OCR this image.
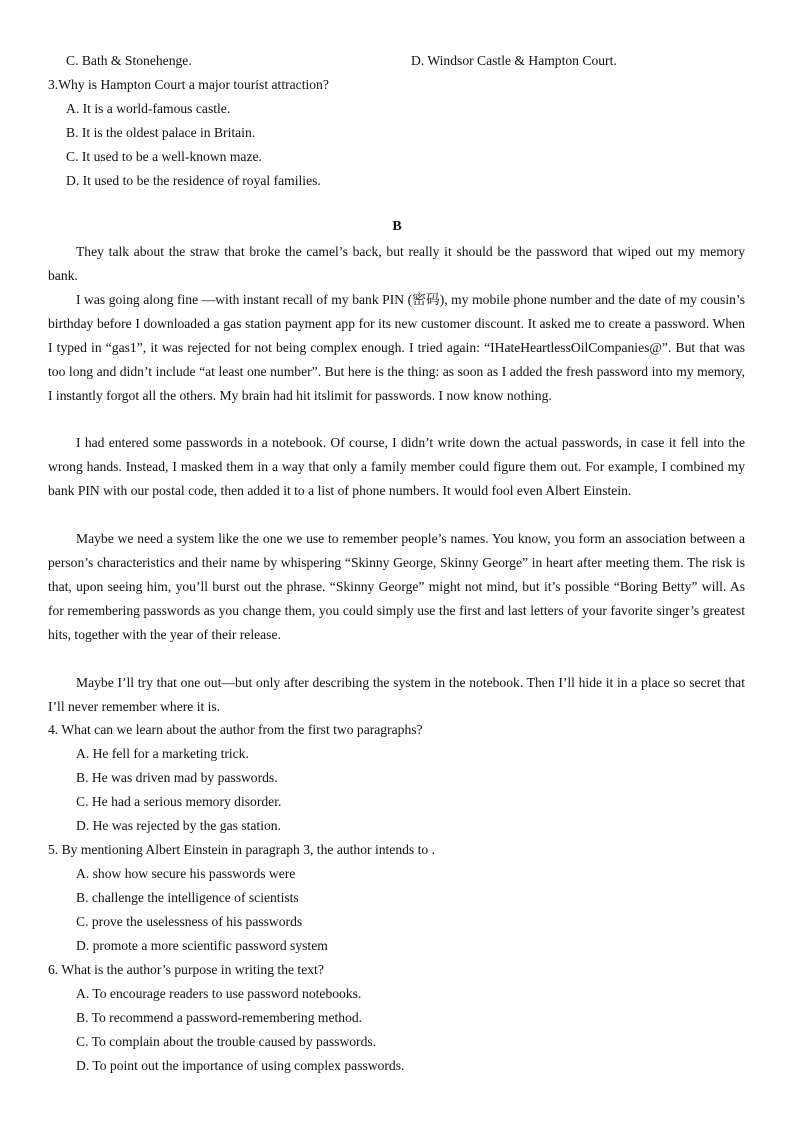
C. Bath & Stonehenge.	D. Windsor Castle & Hampton Court.
3.Why is Hampton Court a major tourist attraction?
A. It is a world-famous castle.
B. It is the oldest palace in Britain.
C. It used to be a well-known maze.
D. It used to be the residence of royal families.
B
They talk about the straw that broke the camel’s back, but really it should be the password that wiped out my memory bank.
I was going along fine —with instant recall of my bank PIN (密码), my mobile phone number and the date of my cousin’s birthday before I downloaded a gas station payment app for its new customer discount. It asked me to create a password. When I typed in “gas1”, it was rejected for not being complex enough. I tried again: “IHateHeartlessOilCompanies@”. But that was too long and didn’t include “at least one number”. But here is the thing: as soon as I added the fresh password into my memory, I instantly forgot all the others. My brain had hit itslimit for passwords. I now know nothing.
I had entered some passwords in a notebook. Of course, I didn’t write down the actual passwords, in case it fell into the wrong hands. Instead, I masked them in a way that only a family member could figure them out. For example, I combined my bank PIN with our postal code, then added it to a list of phone numbers. It would fool even Albert Einstein.
Maybe we need a system like the one we use to remember people’s names. You know, you form an association between a person’s characteristics and their name by whispering “Skinny George, Skinny George” in heart after meeting them. The risk is that, upon seeing him, you’ll burst out the phrase. “Skinny George” might not mind, but it’s possible “Boring Betty” will. As for remembering passwords as you change them, you could simply use the first and last letters of your favorite singer’s greatest hits, together with the year of their release.
Maybe I’ll try that one out—but only after describing the system in the notebook. Then I’ll hide it in a place so secret that I’ll never remember where it is.
4. What can we learn about the author from the first two paragraphs?
A. He fell for a marketing trick.
B. He was driven mad by passwords.
C. He had a serious memory disorder.
D. He was rejected by the gas station.
5. By mentioning Albert Einstein in paragraph 3, the author intends to .
A. show how secure his passwords were
B. challenge the intelligence of scientists
C. prove the uselessness of his passwords
D. promote a more scientific password system
6. What is the author’s purpose in writing the text?
A. To encourage readers to use password notebooks.
B. To recommend a password-remembering method.
C. To complain about the trouble caused by passwords.
D. To point out the importance of using complex passwords.
